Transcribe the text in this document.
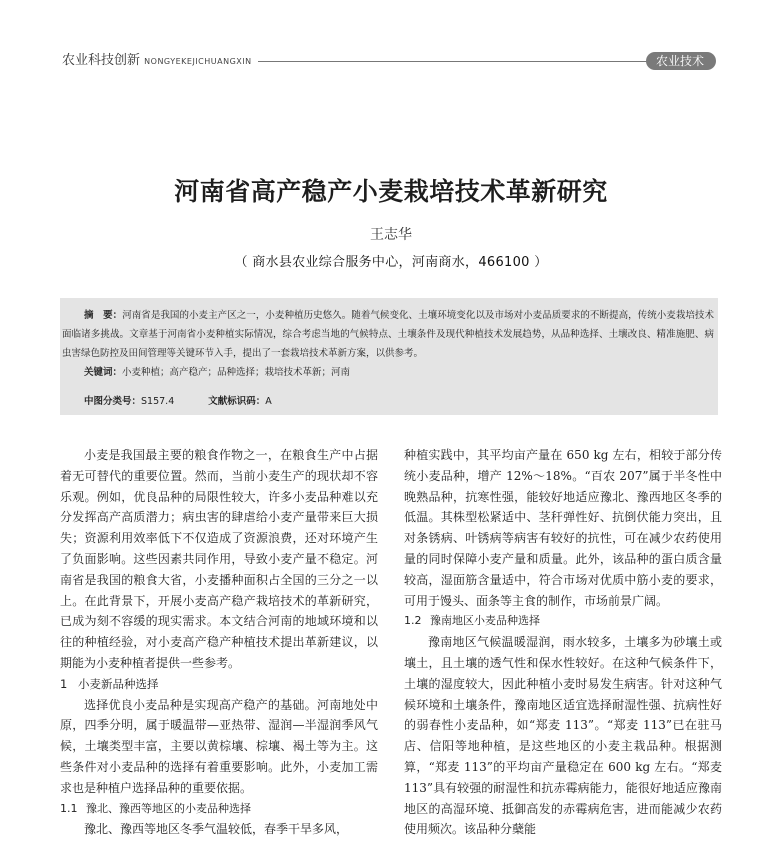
农业科技创新 NONGYEKEJICHUANGXIN	农业技术
河南省高产稳产小麦栽培技术革新研究
王志华
（ 商水县农业综合服务中心，河南商水，466100 ）

摘　要：河南省是我国的小麦主产区之一，小麦种植历史悠久。随着气候变化、土壤环境变化以及市场对小麦品质要求的不断提高，传统小麦栽培技术面临诸多挑战。文章基于河南省小麦种植实际情况，综合考虑当地的气候特点、土壤条件及现代种植技术发展趋势，从品种选择、土壤改良、精准施肥、病虫害绿色防控及田间管理等关键环节入手，提出了一套栽培技术革新方案，以供参考。

关键词：小麦种植；高产稳产；品种选择；栽培技术革新；河南

中图分类号：S157.4	文献标识码：A

小麦是我国最主要的粮食作物之一，在粮食生产中占据着无可替代的重要位置。然而，当前小麦生产的现状却不容乐观。例如，优良品种的局限性较大，许多小麦品种难以充分发挥高产高质潜力；病虫害的肆虐给小麦产量带来巨大损失；资源利用效率低下不仅造成了资源浪费，还对环境产生了负面影响。这些因素共同作用，导致小麦产量不稳定。河南省是我国的粮食大省，小麦播种面积占全国的三分之一以上。在此背景下，开展小麦高产稳产栽培技术的革新研究，已成为刻不容缓的现实需求。本文结合河南的地域环境和以往的种植经验，对小麦高产稳产种植技术提出革新建议，以期能为小麦种植者提供一些参考。

1 小麦新品种选择

选择优良小麦品种是实现高产稳产的基础。河南地处中原，四季分明，属于暖温带—亚热带、湿润—半湿润季风气候，土壤类型丰富，主要以黄棕壤、棕壤、褐土等为主。这些条件对小麦品种的选择有着重要影响。此外，小麦加工需求也是种植户选择品种的重要依据。

1.1 豫北、豫西等地区的小麦品种选择

豫北、豫西等地区冬季气温较低，春季干旱多风，

种植实践中，其平均亩产量在 650 kg 左右，相较于部分传统小麦品种，增产 12%～18%。“百农 207”属于半冬性中晚熟品种，抗寒性强，能较好地适应豫北、豫西地区冬季的低温。其株型松紧适中、茎秆弹性好、抗倒伏能力突出，且对条锈病、叶锈病等病害有较好的抗性，可在减少农药使用量的同时保障小麦产量和质量。此外，该品种的蛋白质含量较高，湿面筋含量适中，符合市场对优质中筋小麦的要求，可用于馒头、面条等主食的制作，市场前景广阔。

1.2 豫南地区小麦品种选择

豫南地区气候温暖湿润，雨水较多，土壤多为砂壤土或壤土，且土壤的透气性和保水性较好。在这种气候条件下，土壤的湿度较大，因此种植小麦时易发生病害。针对这种气候环境和土壤条件，豫南地区适宜选择耐湿性强、抗病性好的弱春性小麦品种，如“郑麦 113”。“郑麦 113”已在驻马店、信阳等地种植，是这些地区的小麦主栽品种。根据测算，“郑麦 113”的平均亩产量稳定在 600 kg 左右。“郑麦 113”具有较强的耐湿性和抗赤霉病能力，能很好地适应豫南地区的高湿环境、抵御高发的赤霉病危害，进而能减少农药使用频次。该品种分蘖能
